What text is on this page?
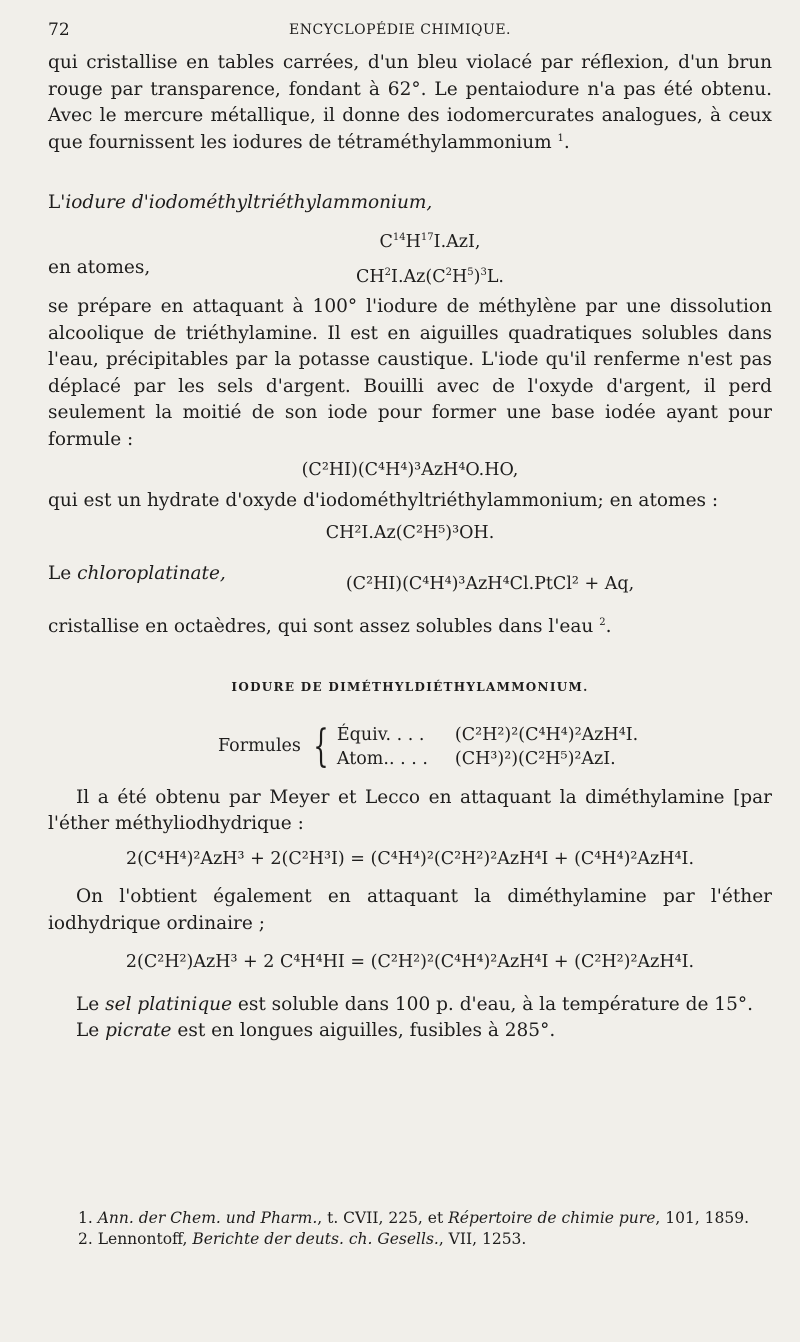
72	ENCYCLOPÉDIE CHIMIQUE.

qui cristallise en tables carrées, d'un bleu violacé par réflexion, d'un brun rouge par transparence, fondant à 62°. Le pentaiodure n'a pas été obtenu. Avec le mercure métallique, il donne des iodomercurates analogues, à ceux que fournissent les iodures de tétraméthylammonium $^1$.

L'iodure d'iodométhyltriéthylammonium,

$C^{14}H^{17}I.AzI$,

en atomes,	$CH^2I.Az(C^2H^5)^3L$.

se prépare en attaquant à 100° l'iodure de méthylène par une dissolution alcoolique de triéthylamine. Il est en aiguilles quadratiques solubles dans l'eau, précipitables par la potasse caustique. L'iode qu'il renferme n'est pas déplacé par les sels d'argent. Bouilli avec de l'oxyde d'argent, il perd seulement la moitié de son iode pour former une base iodée ayant pour formule :

(C²HI)(C⁴H⁴)³AzH⁴O.HO,

qui est un hydrate d'oxyde d'iodométhyltriéthylammonium; en atomes :

CH²I.Az(C²H⁵)³OH.

Le chloroplatinate,

(C²HI)(C⁴H⁴)³AzH⁴Cl.PtCl² + Aq,

cristallise en octaèdres, qui sont assez solubles dans l'eau $^2$.

IODURE DE DIMÉTHYLDIÉTHYLAMMONIUM.
Formules { Équiv. . . .	(C²H²)²(C⁴H⁴)²AzH⁴I.
Atom.. . . .	(CH³)²)(C²H⁵)²AzI.

Il a été obtenu par Meyer et Lecco en attaquant la diméthylamine [par l'éther méthyliodhydrique :

2(C⁴H⁴)²AzH³ + 2(C²H³I) = (C⁴H⁴)²(C²H²)²AzH⁴I + (C⁴H⁴)²AzH⁴I.

On l'obtient également en attaquant la diméthylamine par l'éther iodhydrique ordinaire ;

2(C²H²)AzH³ + 2 C⁴H⁴HI = (C²H²)²(C⁴H⁴)²AzH⁴I + (C²H²)²AzH⁴I.

Le sel platinique est soluble dans 100 p. d'eau, à la température de 15°.

Le picrate est en longues aiguilles, fusibles à 285°.

1. Ann. der Chem. und Pharm., t. CVII, 225, et Répertoire de chimie pure, 101, 1859.
2. Lennontoff, Berichte der deuts. ch. Gesells., VII, 1253.
